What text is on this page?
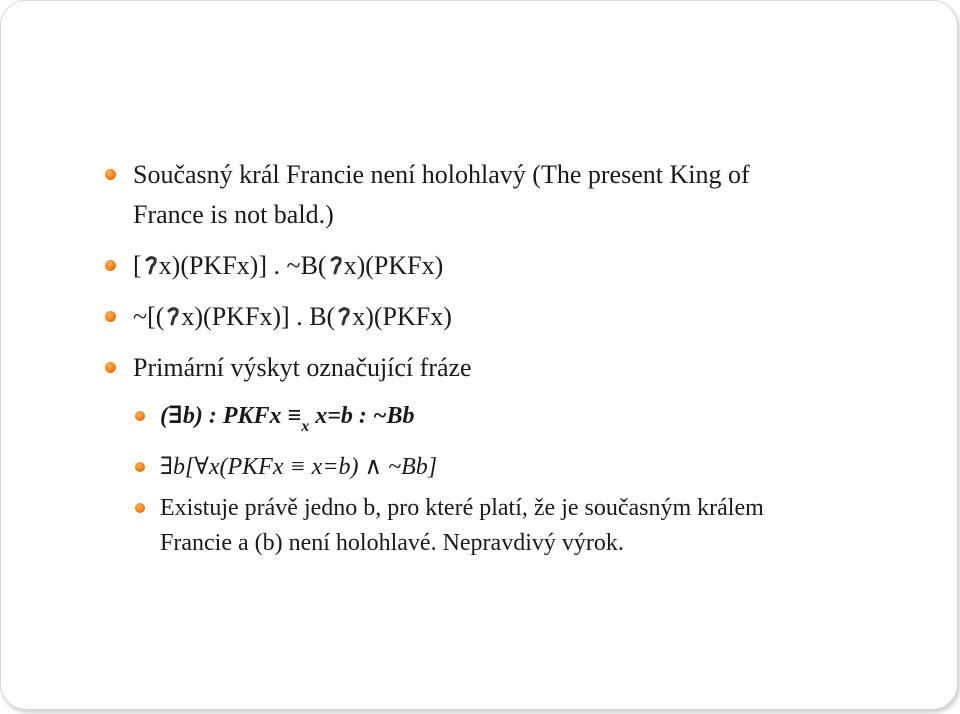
Současný král Francie není holohlavý (The present King of
France is not bald.)
[ x)(PKFx)] . ~B( x)(PKFx)
~[( x)(PKFx)] . B( x)(PKFx)
Primární výskyt označující fráze
(∃b) : PKFx $\equiv_x$ x=b : ~Bb
∃b[∀x(PKFx ≡ x=b) ∧ ~Bb]
Existuje právě jedno b, pro které platí, že je současným králem
Francie a (b) není holohlavé. Nepravdivý výrok.
